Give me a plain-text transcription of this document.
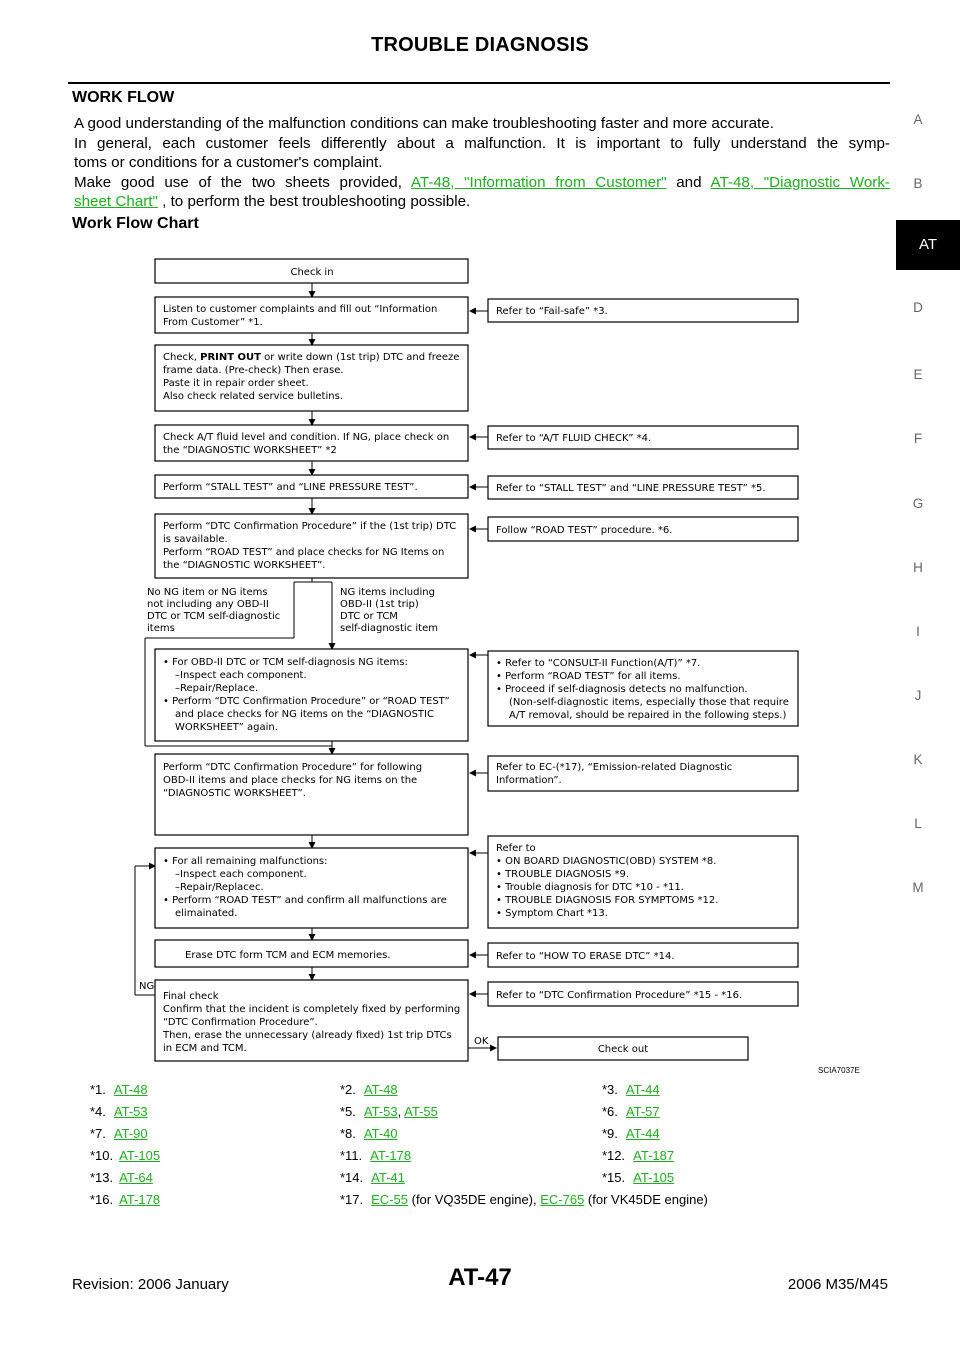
TROUBLE DIAGNOSIS
A
B
AT
D
E
F
G
H
I
J
K
L
M
WORK FLOW

A good understanding of the malfunction conditions can make troubleshooting faster and more accurate.

In general, each customer feels differently about a malfunction. It is important to fully understand the symp-

toms or conditions for a customer's complaint.

Make good use of the two sheets provided, AT-48, "Information from Customer" and AT-48, "Diagnostic Work-

sheet Chart" , to perform the best troubleshooting possible.

Work Flow Chart
Check in
Listen to customer complaints and fill out “Information From Customer” *1.
Check, PRINT OUT or write down (1st trip) DTC and freeze frame data. (Pre-check) Then erase. Paste it in repair order sheet. Also check related service bulletins.
Check A/T fluid level and condition. If NG, place check on the “DIAGNOSTIC WORKSHEET” *2
Perform “STALL TEST” and “LINE PRESSURE TEST”.
Perform “DTC Confirmation Procedure” if the (1st trip) DTC is savailable. Perform “ROAD TEST” and place checks for NG Items on the “DIAGNOSTIC WORKSHEET”.
No NG item or NG items not including any OBD-II DTC or TCM self-diagnostic items
NG items including OBD-II (1st trip) DTC or TCM self-diagnostic item
• For OBD-II DTC or TCM self-diagnosis NG items: –Inspect each component. –Repair/Replace. • Perform “DTC Confirmation Procedure” or “ROAD TEST” and place checks for NG items on the “DIAGNOSTIC WORKSHEET” again.
Perform “DTC Confirmation Procedure” for following OBD-II items and place checks for NG items on the “DIAGNOSTIC WORKSHEET”.
• For all remaining malfunctions: –Inspect each component. –Repair/Replacec. • Perform “ROAD TEST” and confirm all malfunctions are elimainated.
Erase DTC form TCM and ECM memories.
Final check Confirm that the incident is completely fixed by performing “DTC Confirmation Procedure”. Then, erase the unnecessary (already fixed) 1st trip DTCs in ECM and TCM.
NG
OK
Refer to “Fail-safe” *3.
Refer to “A/T FLUID CHECK” *4.
Refer to “STALL TEST” and “LINE PRESSURE TEST” *5.
Follow “ROAD TEST” procedure. *6.
• Refer to “CONSULT-II Function(A/T)” *7. • Perform “ROAD TEST” for all items. • Proceed if self-diagnosis detects no malfunction. (Non-self-diagnostic items, especially those that require A/T removal, should be repaired in the following steps.)
Refer to EC-(*17), “Emission-related Diagnostic Information”.
Refer to • ON BOARD DIAGNOSTIC(OBD) SYSTEM *8. • TROUBLE DIAGNOSIS *9. • Trouble diagnosis for DTC *10 - *11. • TROUBLE DIAGNOSIS FOR SYMPTOMS *12. • Symptom Chart *13.
Refer to “HOW TO ERASE DTC” *14.
Refer to “DTC Confirmation Procedure” *15 - *16.
Check out
SCIA7037E
*1. AT-48	*2. AT-48	*3. AT-44
*4. AT-53	*5. AT-53, AT-55	*6. AT-57
*7. AT-90	*8. AT-40	*9. AT-44
*10. AT-105	*11. AT-178	*12. AT-187
*13. AT-64	*14. AT-41	*15. AT-105
*16. AT-178	*17. EC-55 (for VQ35DE engine), EC-765 (for VK45DE engine)
Revision: 2006 January	AT-47	2006 M35/M45
